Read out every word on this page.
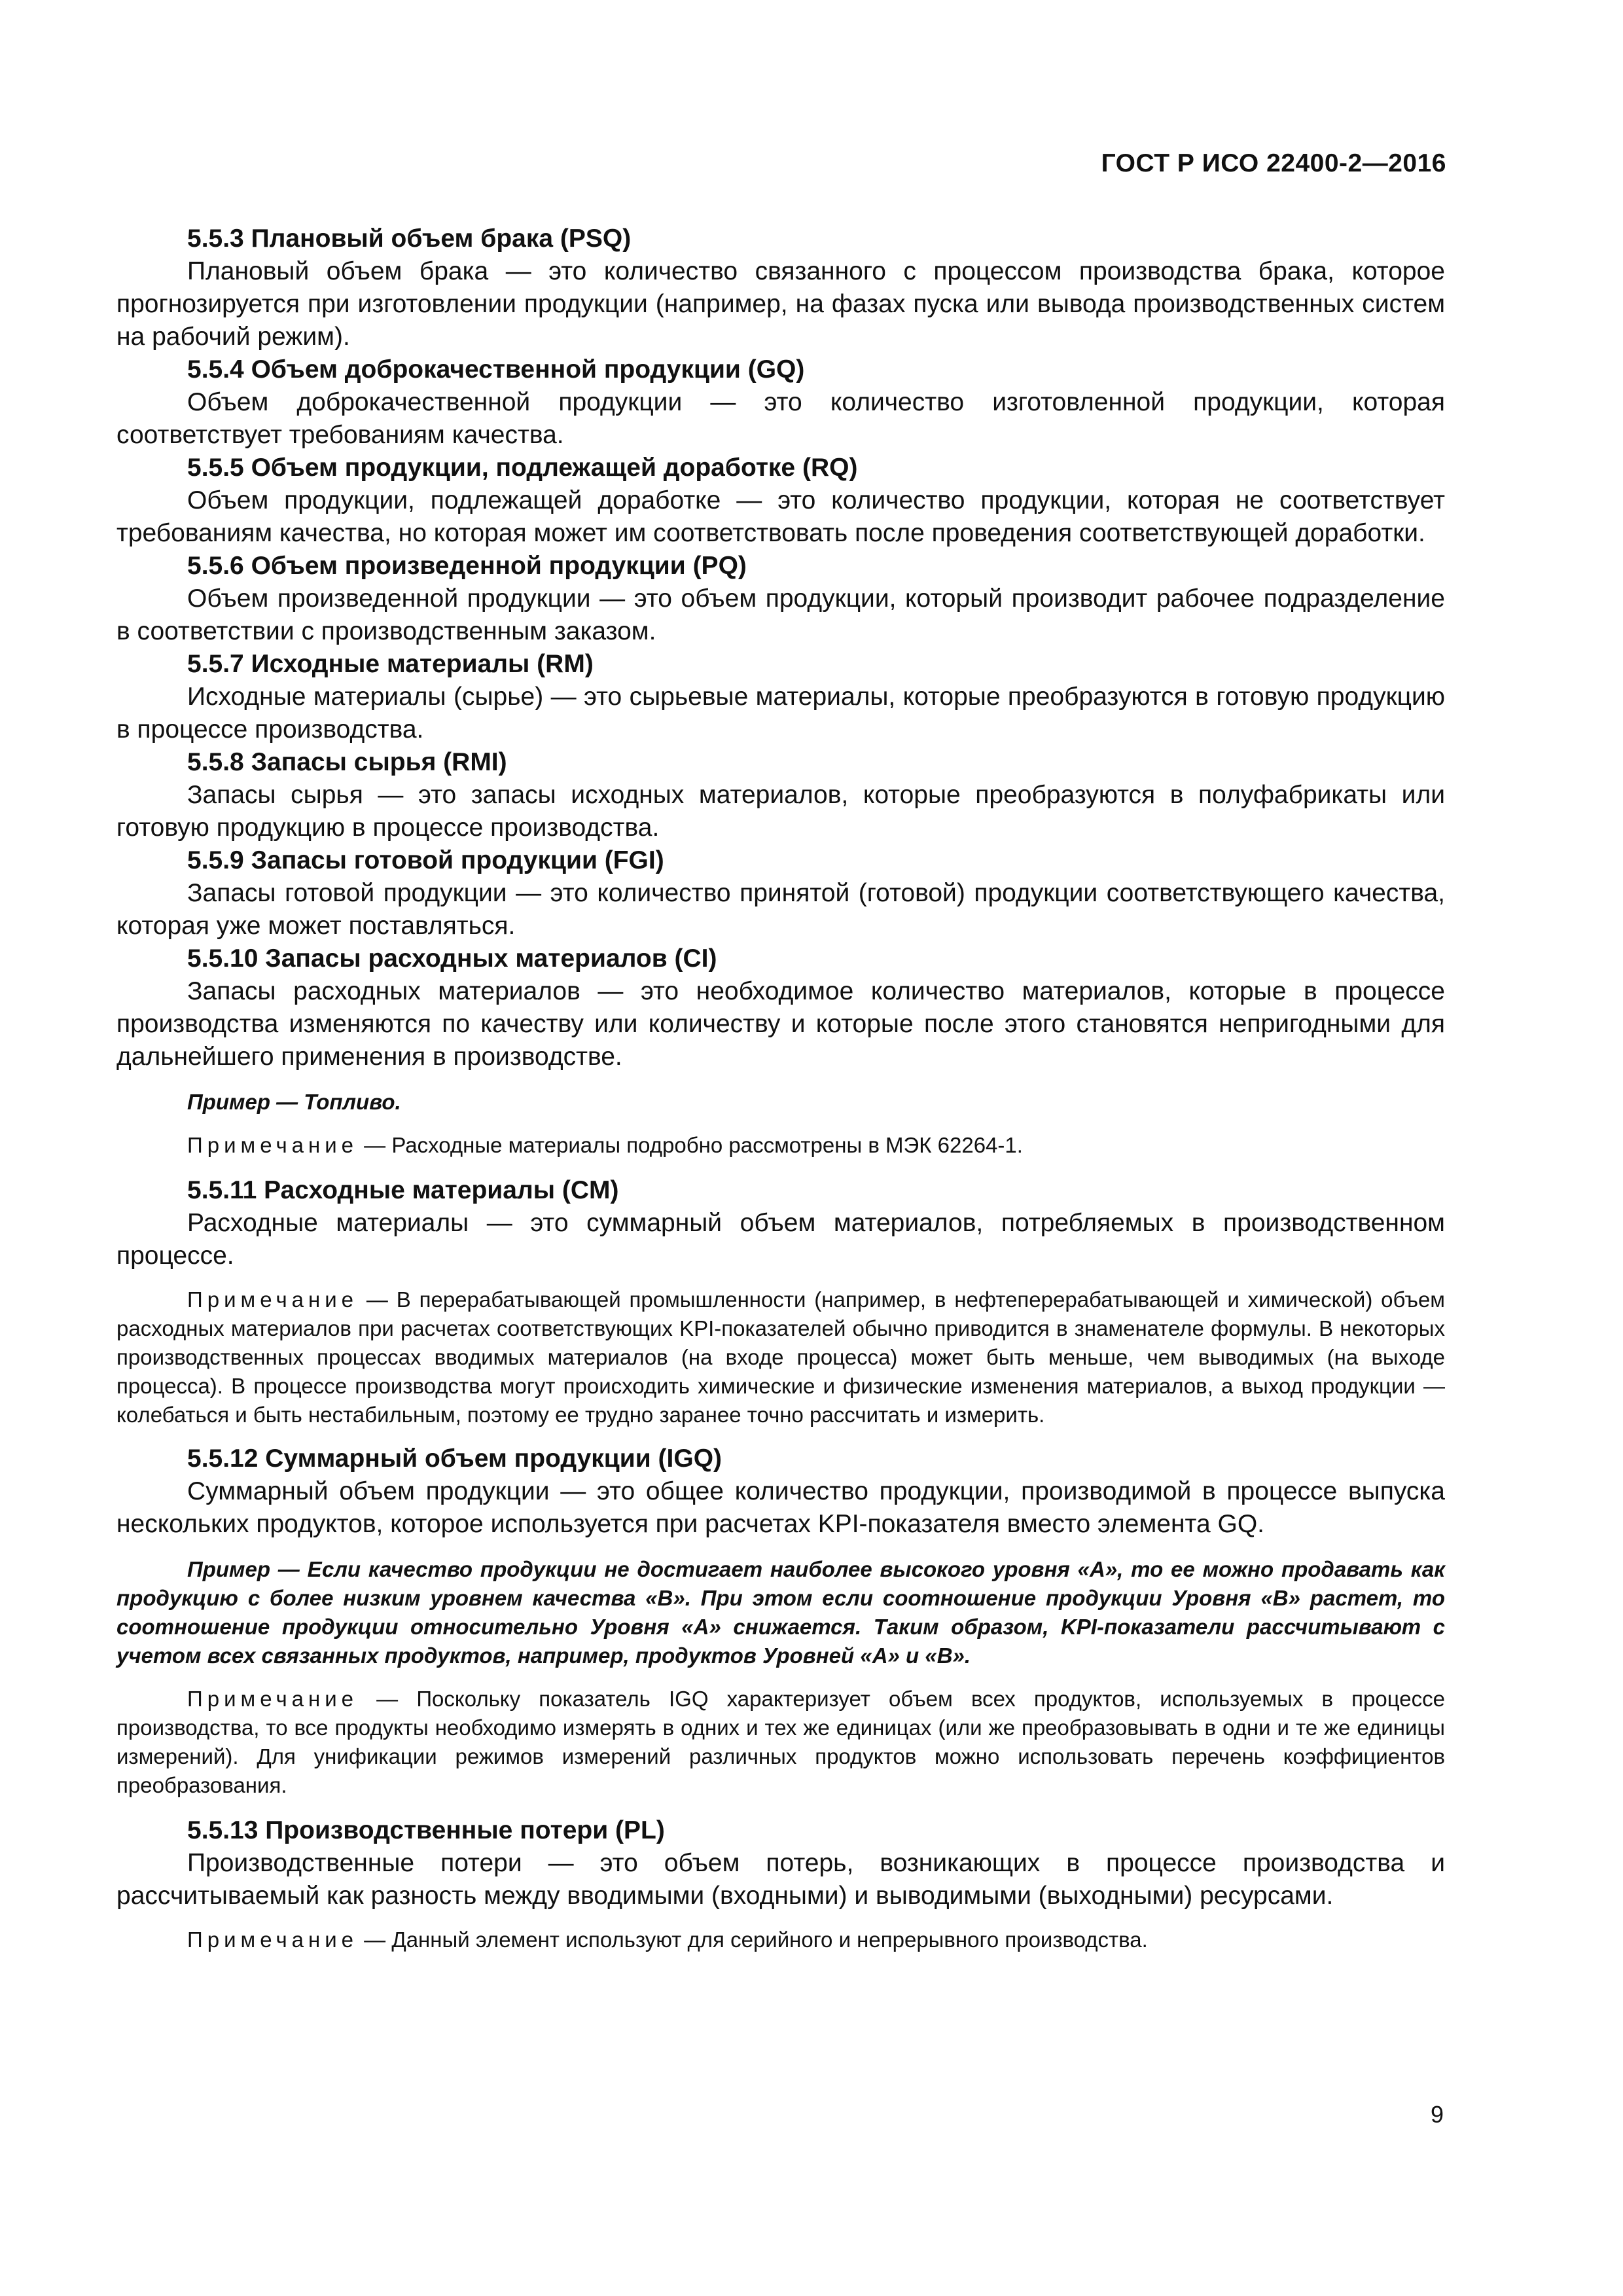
ГОСТ Р ИСО 22400-2—2016

5.5.3 Плановый объем брака (PSQ)

Плановый объем брака — это количество связанного с процессом производства брака, которое прогнозируется при изготовлении продукции (например, на фазах пуска или вывода производственных систем на рабочий режим).

5.5.4 Объем доброкачественной продукции (GQ)

Объем доброкачественной продукции — это количество изготовленной продукции, которая соответствует требованиям качества.

5.5.5 Объем продукции, подлежащей доработке (RQ)

Объем продукции, подлежащей доработке — это количество продукции, которая не соответствует требованиям качества, но которая может им соответствовать после проведения соответствующей доработки.

5.5.6 Объем произведенной продукции (PQ)

Объем произведенной продукции — это объем продукции, который производит рабочее подразделение в соответствии с производственным заказом.

5.5.7 Исходные материалы (RM)

Исходные материалы (сырье) — это сырьевые материалы, которые преобразуются в готовую продукцию в процессе производства.

5.5.8 Запасы сырья (RMI)

Запасы сырья — это запасы исходных материалов, которые преобразуются в полуфабрикаты или готовую продукцию в процессе производства.

5.5.9 Запасы готовой продукции (FGI)

Запасы готовой продукции — это количество принятой (готовой) продукции соответствующего качества, которая уже может поставляться.

5.5.10 Запасы расходных материалов (CI)

Запасы расходных материалов — это необходимое количество материалов, которые в процессе производства изменяются по качеству или количеству и которые после этого становятся непригодными для дальнейшего применения в производстве.

Пример — Топливо.

Примечание — Расходные материалы подробно рассмотрены в МЭК 62264-1.

5.5.11 Расходные материалы (CM)

Расходные материалы — это суммарный объем материалов, потребляемых в производственном процессе.

Примечание — В перерабатывающей промышленности (например, в нефтеперерабатывающей и химической) объем расходных материалов при расчетах соответствующих KPI-показателей обычно приводится в знаменателе формулы. В некоторых производственных процессах вводимых материалов (на входе процесса) может быть меньше, чем выводимых (на выходе процесса). В процессе производства могут происходить химические и физические изменения материалов, а выход продукции — колебаться и быть нестабильным, поэтому ее трудно заранее точно рассчитать и измерить.

5.5.12 Суммарный объем продукции (IGQ)

Суммарный объем продукции — это общее количество продукции, производимой в процессе выпуска нескольких продуктов, которое используется при расчетах KPI-показателя вместо элемента GQ.

Пример — Если качество продукции не достигает наиболее высокого уровня «А», то ее можно продавать как продукцию с более низким уровнем качества «В». При этом если соотношение продукции Уровня «В» растет, то соотношение продукции относительно Уровня «А» снижается. Таким образом, KPI-показатели рассчитывают с учетом всех связанных продуктов, например, продуктов Уровней «А» и «В».

Примечание — Поскольку показатель IGQ характеризует объем всех продуктов, используемых в процессе производства, то все продукты необходимо измерять в одних и тех же единицах (или же преобразовывать в одни и те же единицы измерений). Для унификации режимов измерений различных продуктов можно использовать перечень коэффициентов преобразования.

5.5.13 Производственные потери (PL)

Производственные потери — это объем потерь, возникающих в процессе производства и рассчитываемый как разность между вводимыми (входными) и выводимыми (выходными) ресурсами.

Примечание — Данный элемент используют для серийного и непрерывного производства.

9
